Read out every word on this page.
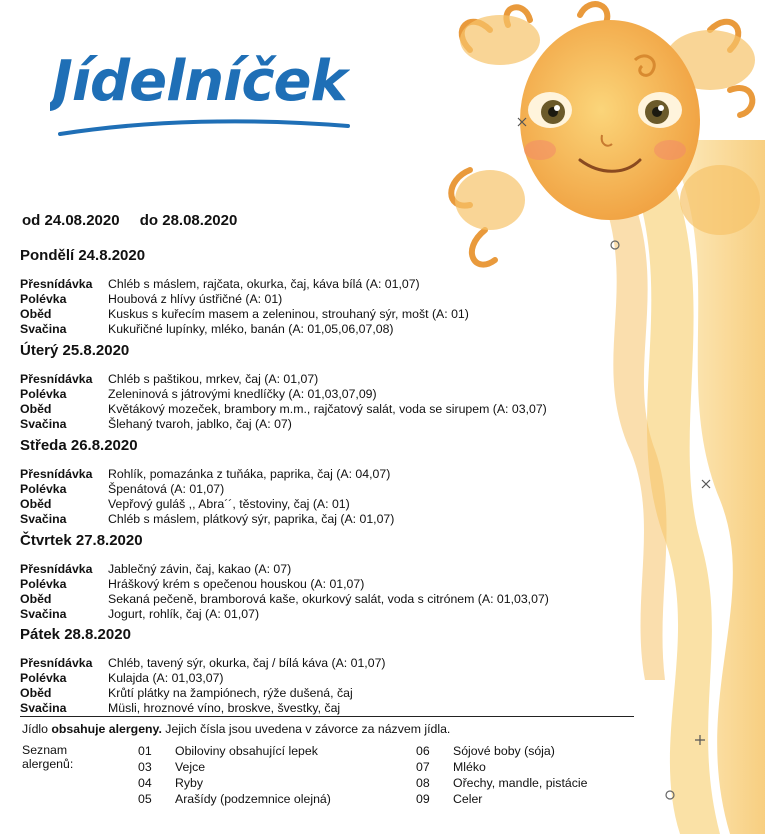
Jídelníček
od 24.08.2020 do 28.08.2020
Pondělí 24.8.2020
Přesnídávka	Chléb s máslem, rajčata, okurka, čaj, káva bílá (A: 01,07)
Polévka	Houbová z hlívy ústřičné (A: 01)
Oběd	Kuskus s kuřecím masem a zeleninou, strouhaný sýr, mošt (A: 01)
Svačina	Kukuřičné lupínky, mléko, banán (A: 01,05,06,07,08)
Úterý 25.8.2020
Přesnídávka	Chléb s paštikou, mrkev, čaj (A: 01,07)
Polévka	Zeleninová s játrovými knedlíčky (A: 01,03,07,09)
Oběd	Květákový mozeček, brambory m.m., rajčatový salát, voda se sirupem (A: 03,07)
Svačina	Šlehaný tvaroh, jablko, čaj (A: 07)
Středa 26.8.2020
Přesnídávka	Rohlík, pomazánka z tuňáka, paprika, čaj (A: 04,07)
Polévka	Špenátová (A: 01,07)
Oběd	Vepřový guláš ,, Abra´´, těstoviny, čaj (A: 01)
Svačina	Chléb s máslem, plátkový sýr, paprika, čaj (A: 01,07)
Čtvrtek 27.8.2020
Přesnídávka	Jablečný závin, čaj, kakao (A: 07)
Polévka	Hráškový krém s opečenou houskou (A: 01,07)
Oběd	Sekaná pečeně, bramborová kaše, okurkový salát, voda s citrónem (A: 01,03,07)
Svačina	Jogurt, rohlík, čaj (A: 01,07)
Pátek 28.8.2020
Přesnídávka	Chléb, tavený sýr, okurka, čaj / bílá káva (A: 01,07)
Polévka	Kulajda (A: 01,03,07)
Oběd	Krůtí plátky na žampiónech, rýže dušená, čaj
Svačina	Müsli, hroznové víno, broskve, švestky, čaj
Jídlo obsahuje alergeny. Jejich čísla jsou uvedena v závorce za názvem jídla.
Seznam alergenů:
01	Obiloviny obsahující lepek
03	Vejce
04	Ryby
05	Arašídy (podzemnice olejná)
06	Sójové boby (sója)
07	Mléko
08	Ořechy, mandle, pistácie
09	Celer
